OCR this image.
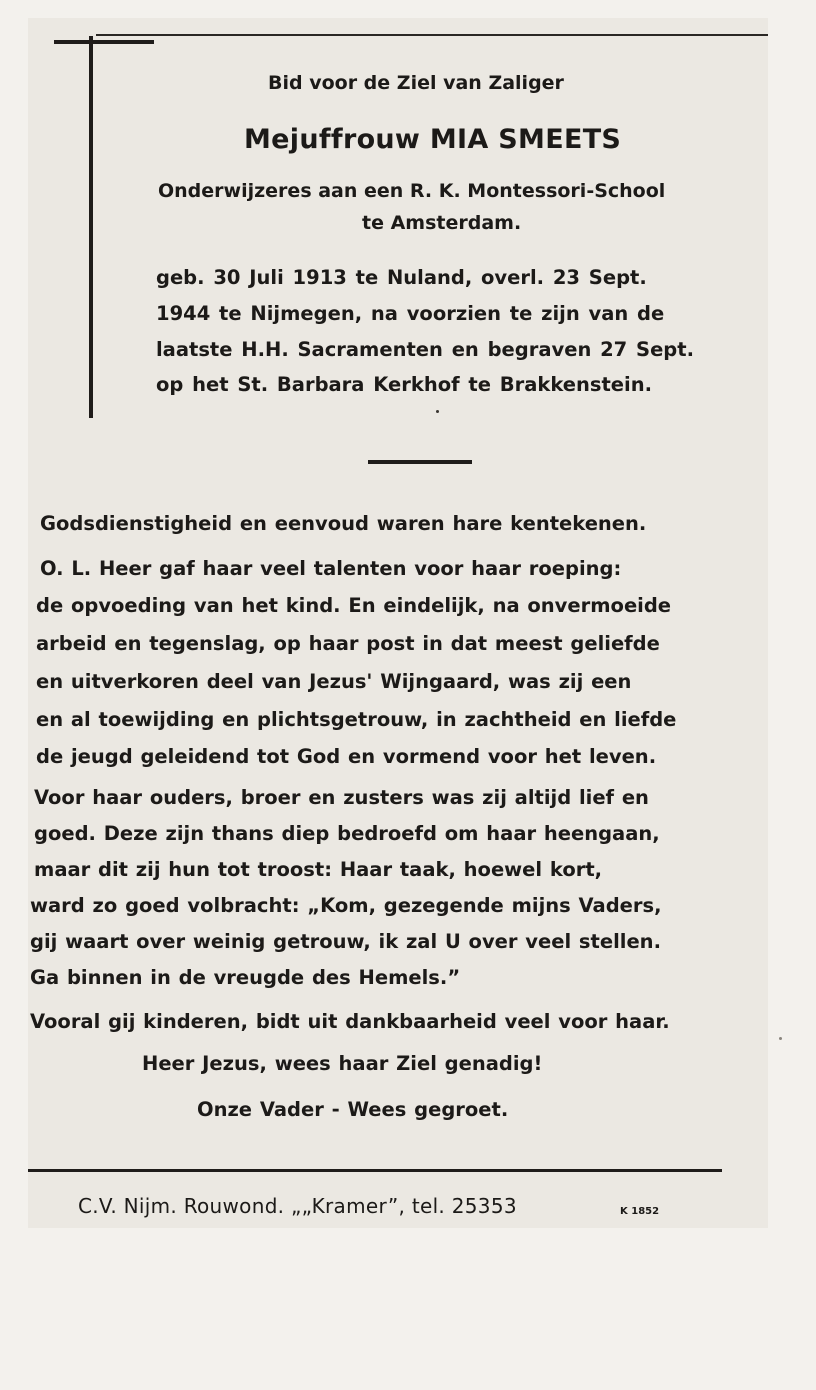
Bid voor de Ziel van Zaliger
Mejuffrouw MIA SMEETS
Onderwijzeres aan een R. K. Montessori-School
te Amsterdam.
geb. 30 Juli 1913 te Nuland, overl. 23 Sept.
1944 te Nijmegen, na voorzien te zijn van de
laatste H.H. Sacramenten en begraven 27 Sept.
op het St. Barbara Kerkhof te Brakkenstein.
Godsdienstigheid en eenvoud waren hare kentekenen.
O. L. Heer gaf haar veel talenten voor haar roeping:
de opvoeding van het kind. En eindelijk, na onvermoeide
arbeid en tegenslag, op haar post in dat meest geliefde
en uitverkoren deel van Jezus' Wijngaard, was zij een
en al toewijding en plichtsgetrouw, in zachtheid en liefde
de jeugd geleidend tot God en vormend voor het leven.
Voor haar ouders, broer en zusters was zij altijd lief en
goed. Deze zijn thans diep bedroefd om haar heengaan,
maar dit zij hun tot troost: Haar taak, hoewel kort,
ward zo goed volbracht: „Kom, gezegende mijns Vaders,
gij waart over weinig getrouw, ik zal U over veel stellen.
Ga binnen in de vreugde des Hemels.”
Vooral gij kinderen, bidt uit dankbaarheid veel voor haar.
Heer Jezus, wees haar Ziel genadig!
Onze Vader - Wees gegroet.
C.V. Nijm. Rouwond. „„Kramer”, tel. 25353	K 1852
